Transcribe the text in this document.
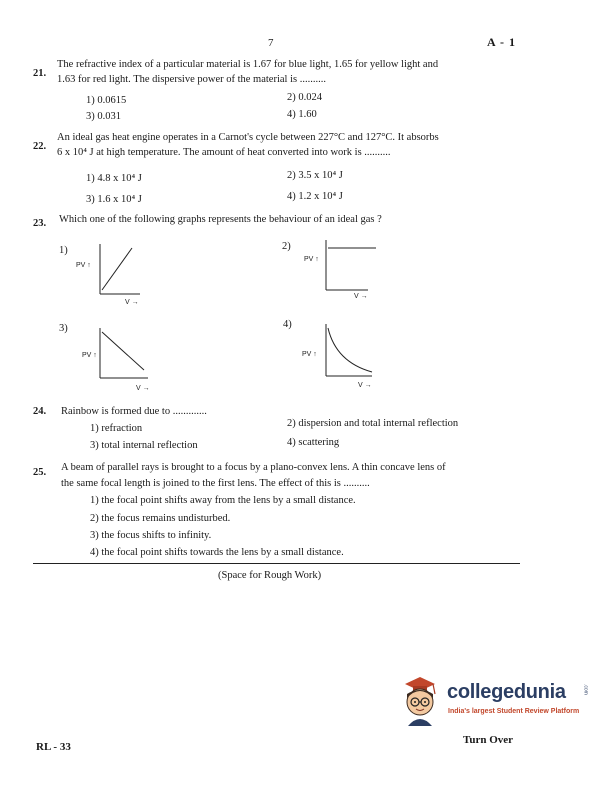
7	A - 1
21.
The refractive index of a particular material is 1.67 for blue light, 1.65 for yellow light and
1.63 for red light. The dispersive power of the material is ..........
1) 0.0615	2) 0.024
3) 0.031	4) 1.60
22.
An ideal gas heat engine operates in a Carnot's cycle between 227°C and 127°C. It absorbs
6 x 10⁴ J at high temperature. The amount of heat converted into work is ..........
1) 4.8 x 10⁴ J	2) 3.5 x 10⁴ J
3) 1.6 x 10⁴ J	4) 1.2 x 10⁴ J
23. Which one of the following graphs represents the behaviour of an ideal gas ?
1)
PV ↑
V →
2)
PV ↑
V →
3)
PV ↑
V →
4)
PV ↑
V →
24. Rainbow is formed due to .............
1) refraction	2) dispersion and total internal reflection
3) total internal reflection	4) scattering
25. A beam of parallel rays is brought to a focus by a plano-convex lens. A thin concave lens of
the same focal length is joined to the first lens. The effect of this is ..........
1) the focal point shifts away from the lens by a small distance.
2) the focus remains undisturbed.
3) the focus shifts to infinity.
4) the focal point shifts towards the lens by a small distance.
(Space for Rough Work)
collegedunia	.com
India's largest Student Review Platform
RL - 33
Turn Over
